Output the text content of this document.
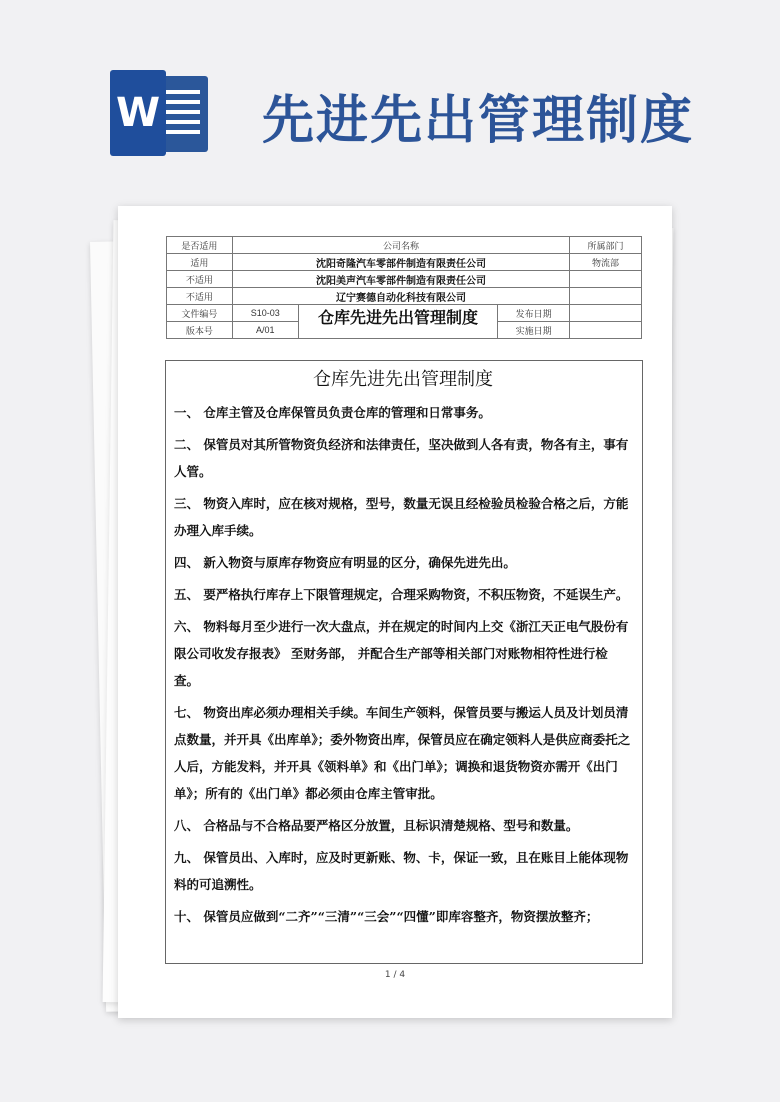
W 先进先出管理制度
是否适用	公司名称			所属部门
适用	沈阳奇隆汽车零部件制造有限责任公司			物流部
不适用	沈阳美声汽车零部件制造有限责任公司			
不适用	辽宁赛德自动化科技有限公司			
文件编号	S10-03	仓库先进先出管理制度	发布日期	
版本号	A/01		实施日期	
仓库先进先出管理制度

一、 仓库主管及仓库保管员负责仓库的管理和日常事务。

二、 保管员对其所管物资负经济和法律责任，坚决做到人各有责，物各有主，事有人管。

三、 物资入库时，应在核对规格，型号，数量无误且经检验员检验合格之后，方能办理入库手续。

四、 新入物资与原库存物资应有明显的区分，确保先进先出。

五、 要严格执行库存上下限管理规定，合理采购物资，不积压物资，不延误生产。

六、 物料每月至少进行一次大盘点，并在规定的时间内上交《浙江天正电气股份有限公司收发存报表》 至财务部， 并配合生产部等相关部门对账物相符性进行检查。

七、 物资出库必须办理相关手续。车间生产领料，保管员要与搬运人员及计划员清点数量，并开具《出库单》；委外物资出库，保管员应在确定领料人是供应商委托之人后，方能发料，并开具《领料单》和《出门单》；调换和退货物资亦需开《出门单》；所有的《出门单》都必须由仓库主管审批。

八、 合格品与不合格品要严格区分放置，且标识清楚规格、型号和数量。

九、 保管员出、入库时，应及时更新账、物、卡，保证一致，且在账目上能体现物料的可追溯性。

十、 保管员应做到“二齐”“三清”“三会”“四懂”即库容整齐，物资摆放整齐；

1 / 4
